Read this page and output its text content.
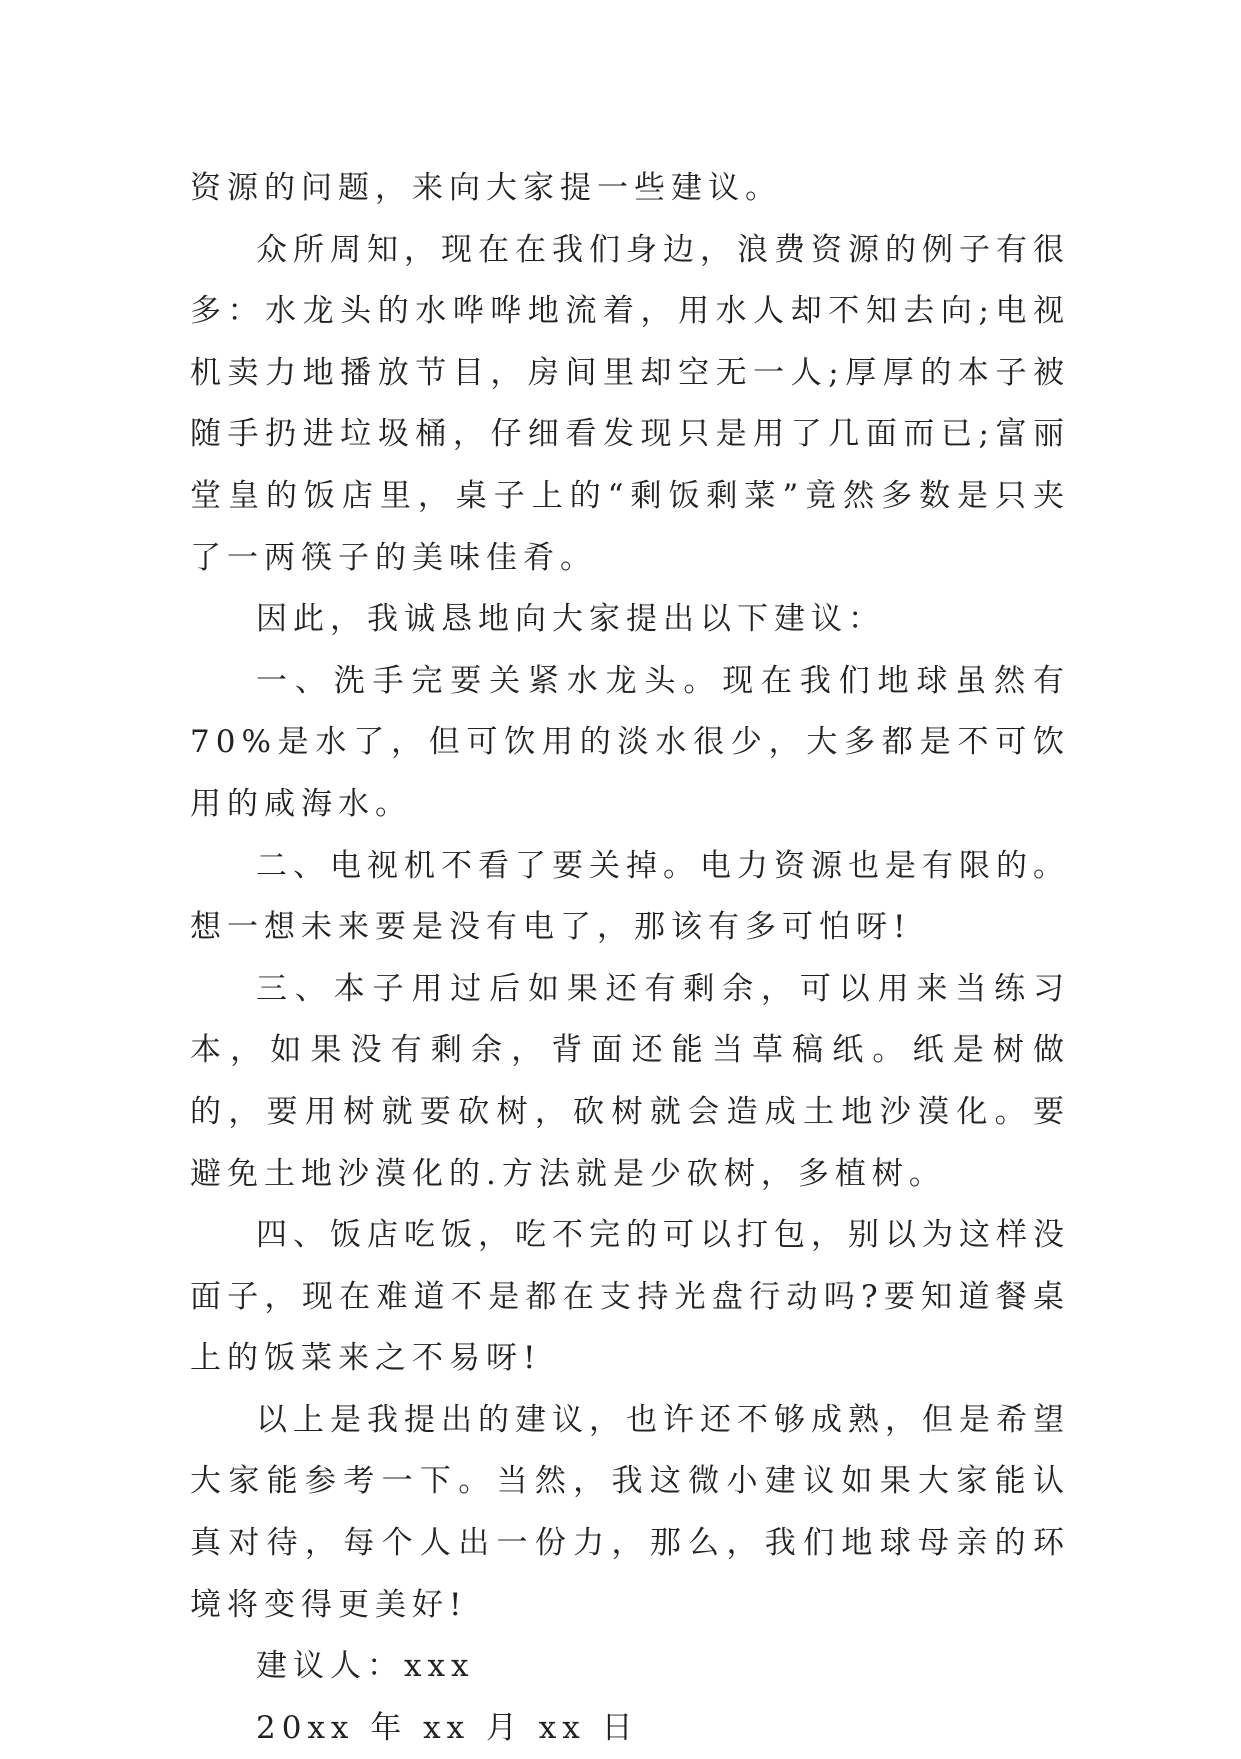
资源的问题，来向大家提一些建议。

众所周知，现在在我们身边，浪费资源的例子有很多：水龙头的水哗哗地流着，用水人却不知去向;电视机卖力地播放节目，房间里却空无一人;厚厚的本子被随手扔进垃圾桶，仔细看发现只是用了几面而已;富丽堂皇的饭店里，桌子上的“剩饭剩菜”竟然多数是只夹了一两筷子的美味佳肴。

因此，我诚恳地向大家提出以下建议：

一、洗手完要关紧水龙头。现在我们地球虽然有 70%是水了，但可饮用的淡水很少，大多都是不可饮用的咸海水。

二、电视机不看了要关掉。电力资源也是有限的。想一想未来要是没有电了，那该有多可怕呀!

三、本子用过后如果还有剩余，可以用来当练习本，如果没有剩余，背面还能当草稿纸。纸是树做的，要用树就要砍树，砍树就会造成土地沙漠化。要避免土地沙漠化的.方法就是少砍树，多植树。

四、饭店吃饭，吃不完的可以打包，别以为这样没面子，现在难道不是都在支持光盘行动吗?要知道餐桌上的饭菜来之不易呀!

以上是我提出的建议，也许还不够成熟，但是希望大家能参考一下。当然，我这微小建议如果大家能认真对待，每个人出一份力，那么，我们地球母亲的环境将变得更美好!

建议人：xxx

20xx 年 xx 月 xx 日
